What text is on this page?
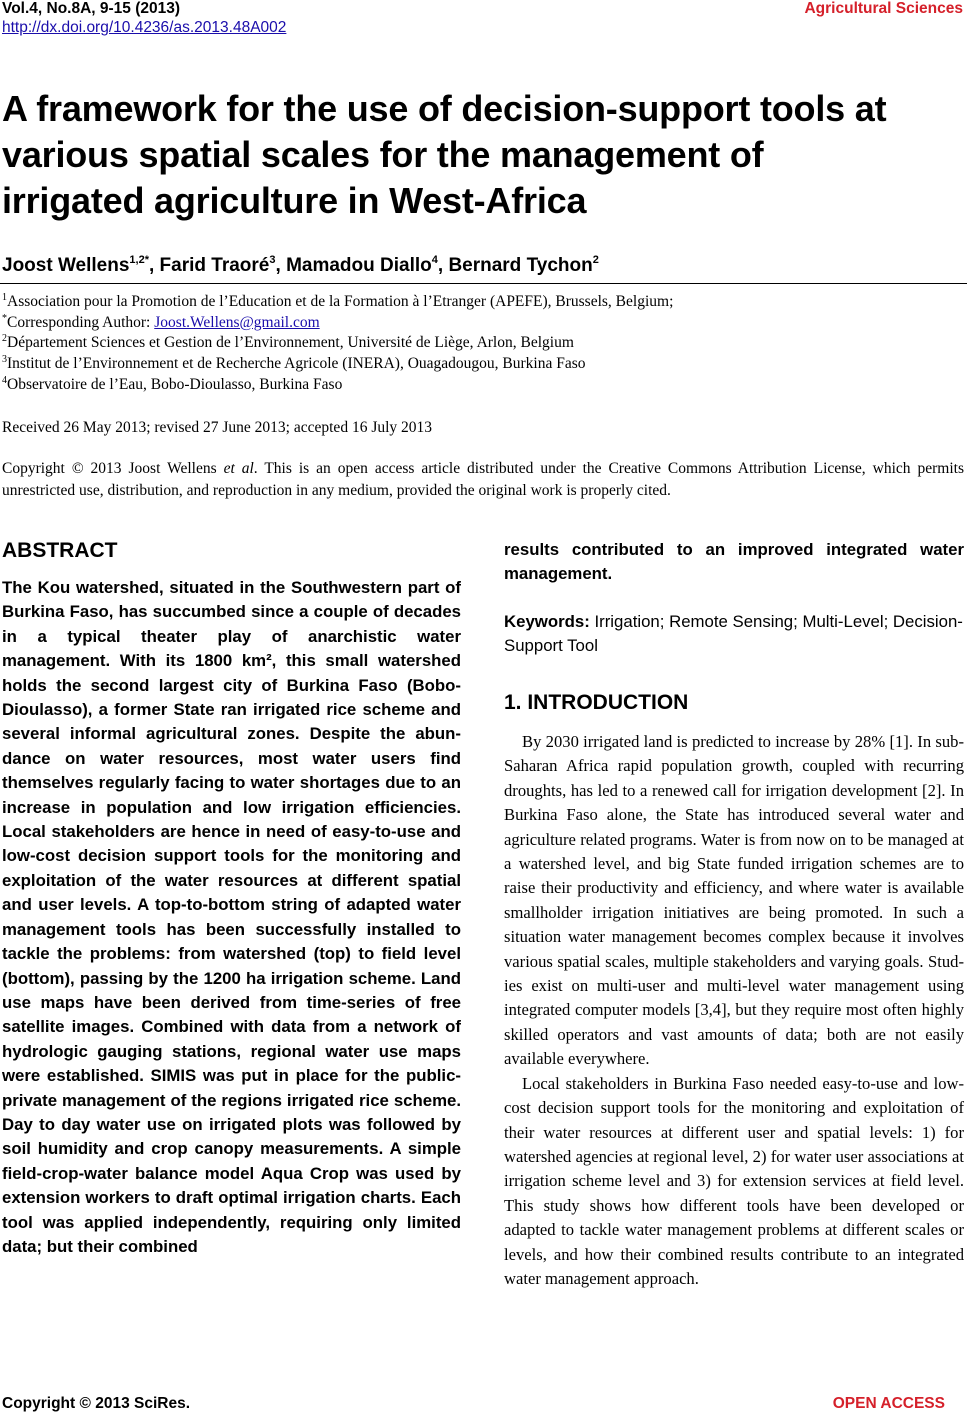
Vol.4, No.8A, 9-15 (2013)
http://dx.doi.org/10.4236/as.2013.48A002
Agricultural Sciences
A framework for the use of decision-support tools at
various spatial scales for the management of
irrigated agriculture in West-Africa
Joost Wellens$^{1,2*}$, Farid Traoré$^3$, Mamadou Diallo$^4$, Bernard Tychon$^2$
$^1$Association pour la Promotion de l’Education et de la Formation à l’Etranger (APEFE), Brussels, Belgium;
*Corresponding Author: Joost.Wellens@gmail.com
$^2$Département Sciences et Gestion de l’Environnement, Université de Liège, Arlon, Belgium
$^3$Institut de l’Environnement et de Recherche Agricole (INERA), Ouagadougou, Burkina Faso
$^4$Observatoire de l’Eau, Bobo-Dioulasso, Burkina Faso
Received 26 May 2013; revised 27 June 2013; accepted 16 July 2013
Copyright © 2013 Joost Wellens et al. This is an open access article distributed under the Creative Commons Attribution License, which permits unrestricted use, distribution, and reproduction in any medium, provided the original work is properly cited.
ABSTRACT
The Kou watershed, situated in the Southwestern part of Burkina Faso, has succumbed since a couple of decades in a typical theater play of anarchistic water management. With its 1800 km², this small watershed holds the second largest city of Burkina Faso (Bobo-Dioulasso), a former State ran irrigated rice scheme and several informal agricultural zones. Despite the abundance on water resources, most water users find themselves regularly facing to water shortages due to an increase in population and low irrigation efficiencies. Local stakeholders are hence in need of easy-to-use and low-cost decision support tools for the monitoring and exploitation of the water resources at different spatial and user levels. A top-to-bottom string of adapted water management tools has been successfully installed to tackle the problems: from watershed (top) to field level (bottom), passing by the 1200 ha irrigation scheme. Land use maps have been derived from time-series of free satellite images. Combined with data from a network of hydrologic gauging stations, regional water use maps were established. SIMIS was put in place for the public-private management of the regions irrigated rice scheme. Day to day water use on irrigated plots was followed by soil humidity and crop canopy measurements. A simple field-crop-water balance model Aqua Crop was used by extension workers to draft optimal irrigation charts. Each tool was applied independently, requiring only limited data; but their combined
results contributed to an improved integrated water management.
Keywords: Irrigation; Remote Sensing; Multi-Level; Decision-Support Tool
1. INTRODUCTION

By 2030 irrigated land is predicted to increase by 28% [1]. In sub-Saharan Africa rapid population growth, coupled with recurring droughts, has led to a renewed call for irrigation development [2]. In Burkina Faso alone, the State has introduced several water and agriculture related programs. Water is from now on to be managed at a watershed level, and big State funded irrigation schemes are to raise their productivity and efficiency, and where water is available smallholder irrigation initiatives are being promoted. In such a situation water management becomes complex because it involves various spatial scales, multiple stakeholders and varying goals. Studies exist on multi-user and multi-level water management using integrated computer models [3,4], but they require most often highly skilled operators and vast amounts of data; both are not easily available everywhere.

Local stakeholders in Burkina Faso needed easy-to-use and low-cost decision support tools for the monitoring and exploitation of their water resources at different user and spatial levels: 1) for watershed agencies at regional level, 2) for water user associations at irrigation scheme level and 3) for extension services at field level. This study shows how different tools have been developed or adapted to tackle water management problems at different scales or levels, and how their combined results contribute to an integrated water management approach.

Copyright © 2013 SciRes.	OPEN ACCESS
